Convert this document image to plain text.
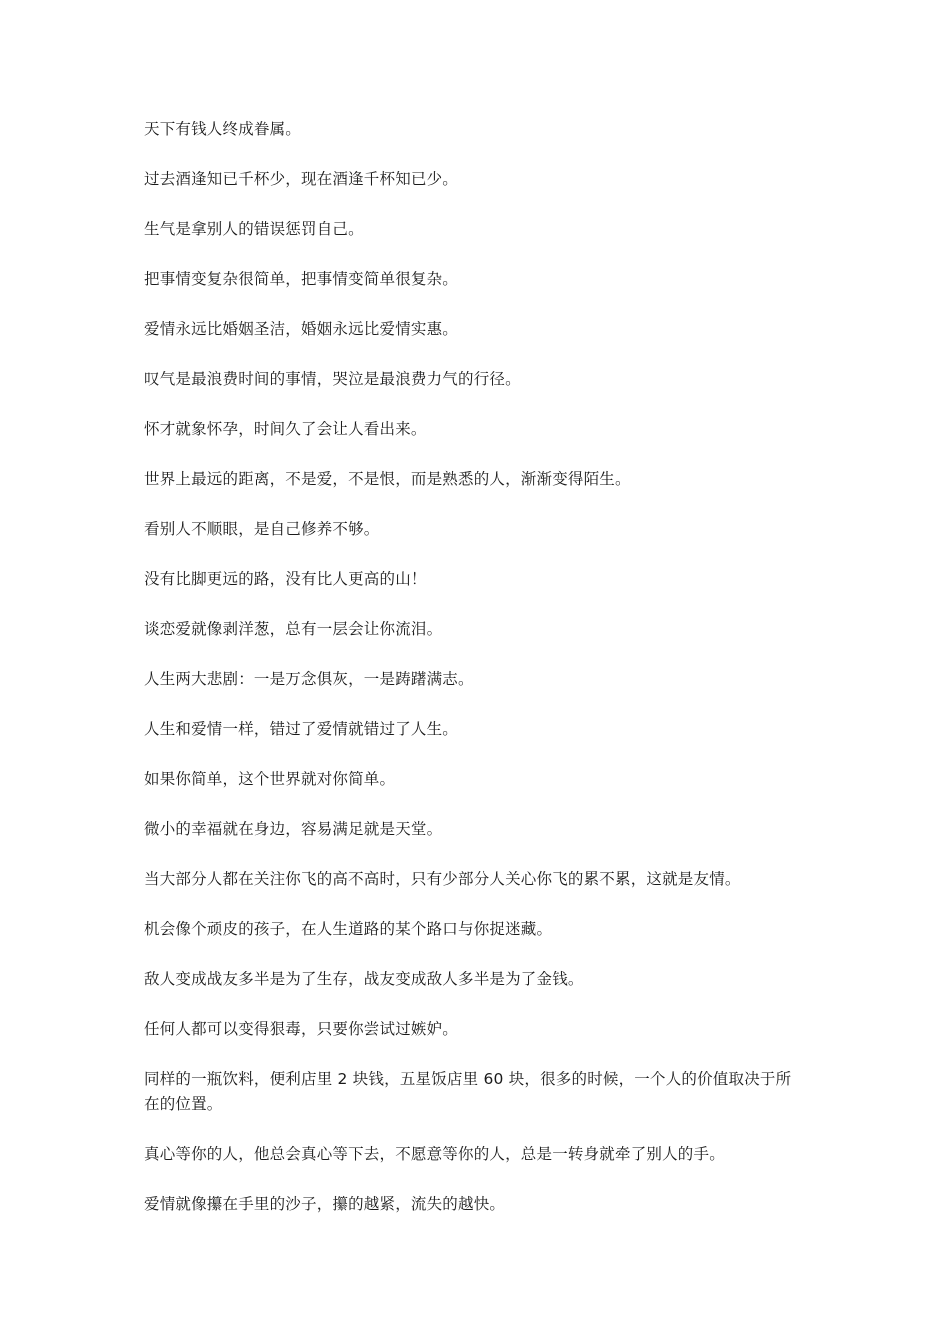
天下有钱人终成眷属。

过去酒逢知已千杯少，现在酒逢千杯知已少。

生气是拿别人的错误惩罚自己。

把事情变复杂很简单，把事情变简单很复杂。

爱情永远比婚姻圣洁，婚姻永远比爱情实惠。

叹气是最浪费时间的事情，哭泣是最浪费力气的行径。

怀才就象怀孕，时间久了会让人看出来。

世界上最远的距离，不是爱，不是恨，而是熟悉的人，渐渐变得陌生。

看别人不顺眼，是自己修养不够。

没有比脚更远的路，没有比人更高的山！

谈恋爱就像剥洋葱，总有一层会让你流泪。

人生两大悲剧：一是万念俱灰，一是踌躇满志。

人生和爱情一样，错过了爱情就错过了人生。

如果你简单，这个世界就对你简单。

微小的幸福就在身边，容易满足就是天堂。

当大部分人都在关注你飞的高不高时，只有少部分人关心你飞的累不累，这就是友情。

机会像个顽皮的孩子，在人生道路的某个路口与你捉迷藏。

敌人变成战友多半是为了生存，战友变成敌人多半是为了金钱。

任何人都可以变得狠毒，只要你尝试过嫉妒。

同样的一瓶饮料，便利店里 2 块钱，五星饭店里 60 块，很多的时候，一个人的价值取决于所在的位置。

真心等你的人，他总会真心等下去，不愿意等你的人，总是一转身就牵了别人的手。

爱情就像攥在手里的沙子，攥的越紧，流失的越快。
